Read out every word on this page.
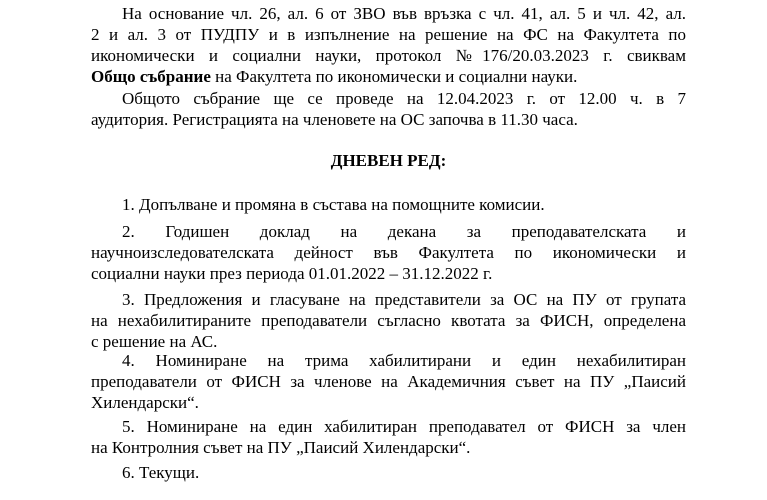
На основание чл. 26, ал. 6 от ЗВО във връзка с чл. 41, ал. 5 и чл. 42, ал.

2 и ал. 3 от ПУДПУ и в изпълнение на решение на ФС на Факултета по

икономически и социални науки, протокол №176/20.03.2023 г. свиквам

Общо събрание на Факултета по икономически и социални науки.

Общото събрание ще се проведе на 12.04.2023 г. от 12.00 ч. в 7

аудитория. Регистрацията на членовете на ОС започва в 11.30 часа.

ДНЕВЕН РЕД:

1. Допълване и промяна в състава на помощните комисии.

2. Годишен доклад на декана за преподавателската и

научноизследователската дейност във Факултета по икономически и

социални науки през периода 01.01.2022 – 31.12.2022 г.

3. Предложения и гласуване на представители за ОС на ПУ от групата

на нехабилитираните преподаватели съгласно квотата за ФИСН, определена

с решение на АС.

4. Номиниране на трима хабилитирани и един нехабилитиран

преподаватели от ФИСН за членове на Академичния съвет на ПУ „Паисий

Хилендарски“.

5. Номиниране на един хабилитиран преподавател от ФИСН за член

на Контролния съвет на ПУ „Паисий Хилендарски“.

6. Текущи.
